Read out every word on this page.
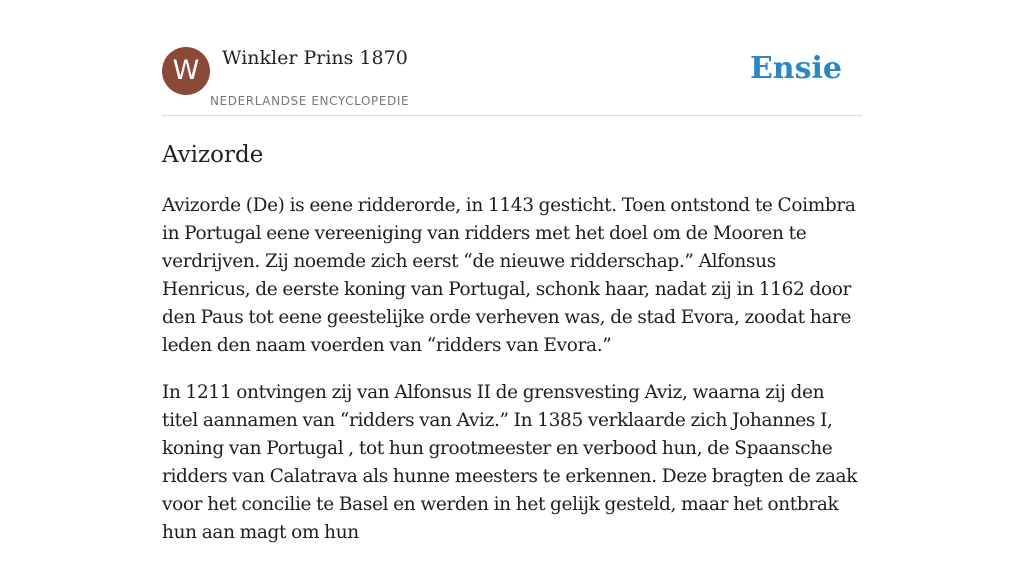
W	Winkler Prins 1870
NEDERLANDSE ENCYCLOPEDIE
Ensie
Avizorde

Avizorde (De) is eene ridderorde, in 1143 gesticht. Toen ontstond te Coimbra in Portugal eene vereeniging van ridders met het doel om de Mooren te verdrijven. Zij noemde zich eerst “de nieuwe ridderschap.” Alfonsus Henricus, de eerste koning van Portugal, schonk haar, nadat zij in 1162 door den Paus tot eene geestelijke orde verheven was, de stad Evora, zoodat hare leden den naam voerden van “ridders van Evora.”

In 1211 ontvingen zij van Alfonsus II de grensvesting Aviz, waarna zij den titel aannamen van “ridders van Aviz.” In 1385 verklaarde zich Johannes I, koning van Portugal , tot hun grootmeester en verbood hun, de Spaansche ridders van Calatrava als hunne meesters te erkennen. Deze bragten de zaak voor het concilie te Basel en werden in het gelijk gesteld, maar het ontbrak hun aan magt om hun
